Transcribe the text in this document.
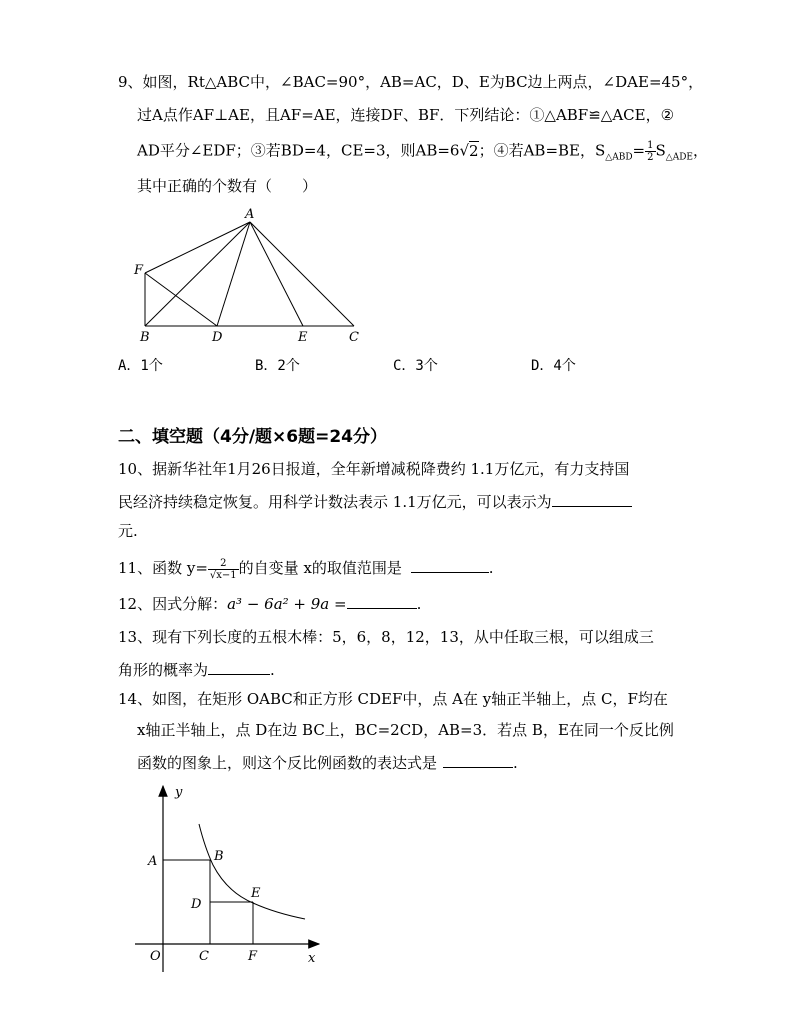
9、如图，Rt△ABC中，∠BAC=90°，AB=AC，D、E为BC边上两点，∠DAE=45°，
过A点作AF⊥AE，且AF=AE，连接DF、BF．下列结论：①△ABF≌△ACE，②
AD平分∠EDF；③若BD=4，CE=3，则AB=6√2；④若AB=BE，$S_{\triangle ABD}= \frac{1}{2} S_{\triangle ADE}$，
其中正确的个数有（　　）
A
F
B	D	E	C
A．1个	B．2个	C．3个	D．4个
二、填空题（4分/题×6题=24分）
10、据新华社年1月26日报道，全年新增减税降费约 1.1万亿元，有力支持国
民经济持续稳定恢复。用科学计数法表示 1.1万亿元，可以表示为
元.
11、函数 $y= \frac{2}{√x-1}$ 的自变量 x的取值范围是	.
12、因式分解：a³ − 6a² + 9a =	.
13、现有下列长度的五根木棒：5，6，8，12，13，从中任取三根，可以组成三
角形的概率为	.
14、如图，在矩形 OABC和正方形 CDEF中，点 A在 y轴正半轴上，点 C，F均在
x轴正半轴上，点 D在边 BC上，BC=2CD，AB=3．若点 B，E在同一个反比例
函数的图象上，则这个反比例函数的表达式是	.
y
x
O
A	B
D
E
C	F
